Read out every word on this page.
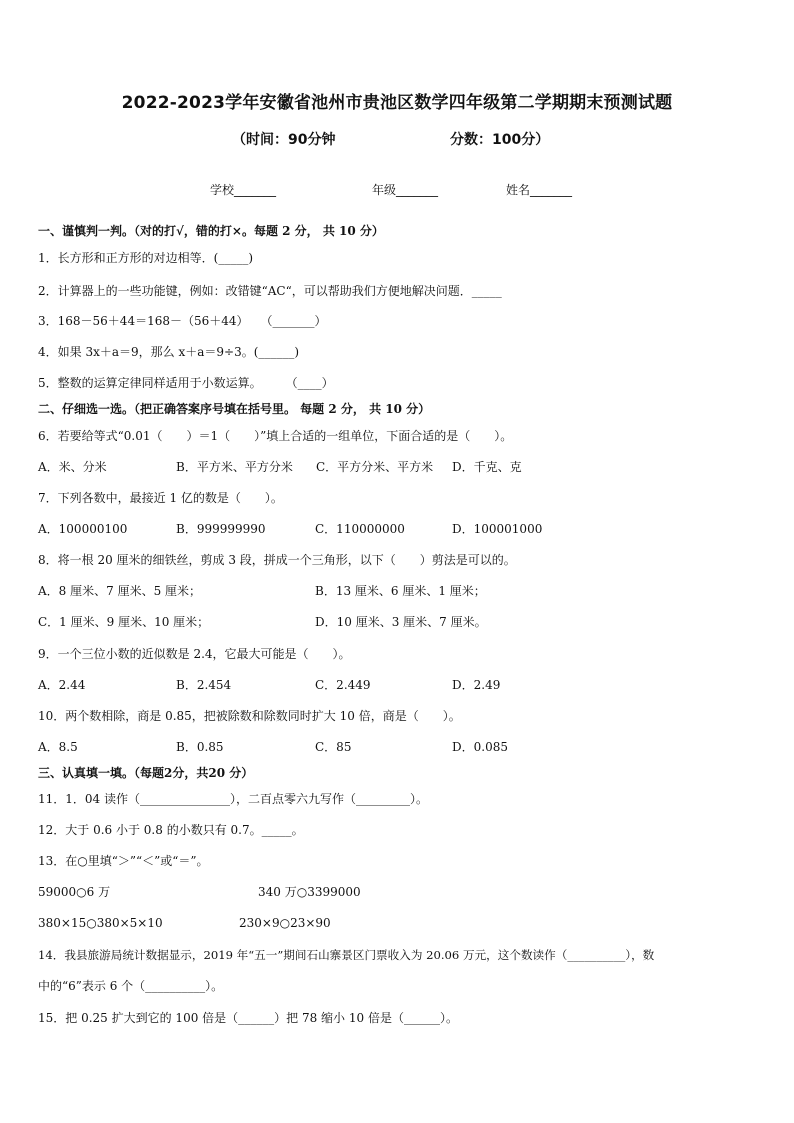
2022-2023学年安徽省池州市贵池区数学四年级第二学期期末预测试题
（时间：90分钟	分数：100分）
学校_______	年级_______	姓名_______
一、谨慎判一判。（对的打√，错的打×。每题 2 分， 共 10 分）
1．长方形和正方形的对边相等．(_____)
2．计算器上的一些功能键，例如：改错键“AC“，可以帮助我们方便地解决问题．_____
3．168－56＋44＝168－（56＋44）　　（_______）
4．如果 3x＋a＝9，那么 x＋a＝9÷3。(______)
5．整数的运算定律同样适用于小数运算。　　　（____）
二、仔细选一选。（把正确答案序号填在括号里。 每题 2 分， 共 10 分）
6．若要给等式“0.01（　　）＝1（　　）”填上合适的一组单位，下面合适的是（　　）。
A．米、分米	B．平方米、平方分米 C．平方分米、平方米 D．千克、克
7．下列各数中，最接近 1 亿的数是（　　）。
A．100000100	B．999999990	C．110000000	D．100001000
8．将一根 20 厘米的细铁丝，剪成 3 段，拼成一个三角形，以下（　　）剪法是可以的。
A．8 厘米、7 厘米、5 厘米；	B．13 厘米、6 厘米、1 厘米；
C．1 厘米、9 厘米、10 厘米；	D．10 厘米、3 厘米、7 厘米。
9．一个三位小数的近似数是 2.4，它最大可能是（　　）。
A．2.44	B．2.454	C．2.449	D．2.49
10．两个数相除，商是 0.85，把被除数和除数同时扩大 10 倍，商是（　　）。
A．8.5	B．0.85	C．85	D．0.085
三、认真填一填。（每题2分，共20 分）
11．1．04 读作（_______________），二百点零六九写作（_________）。
12．大于 0.6 小于 0.8 的小数只有 0.7。_____。
13．在○里填“＞”“＜”或“＝”。
59000○6 万	340 万○3399000
380×15○380×5×10	230×9○23×90
14．我县旅游局统计数据显示，2019 年“五一”期间石山寨景区门票收入为 20.06 万元，这个数读作（__________），数
中的“6”表示 6 个（__________）。
15．把 0.25 扩大到它的 100 倍是（______）把 78 缩小 10 倍是（______）。
